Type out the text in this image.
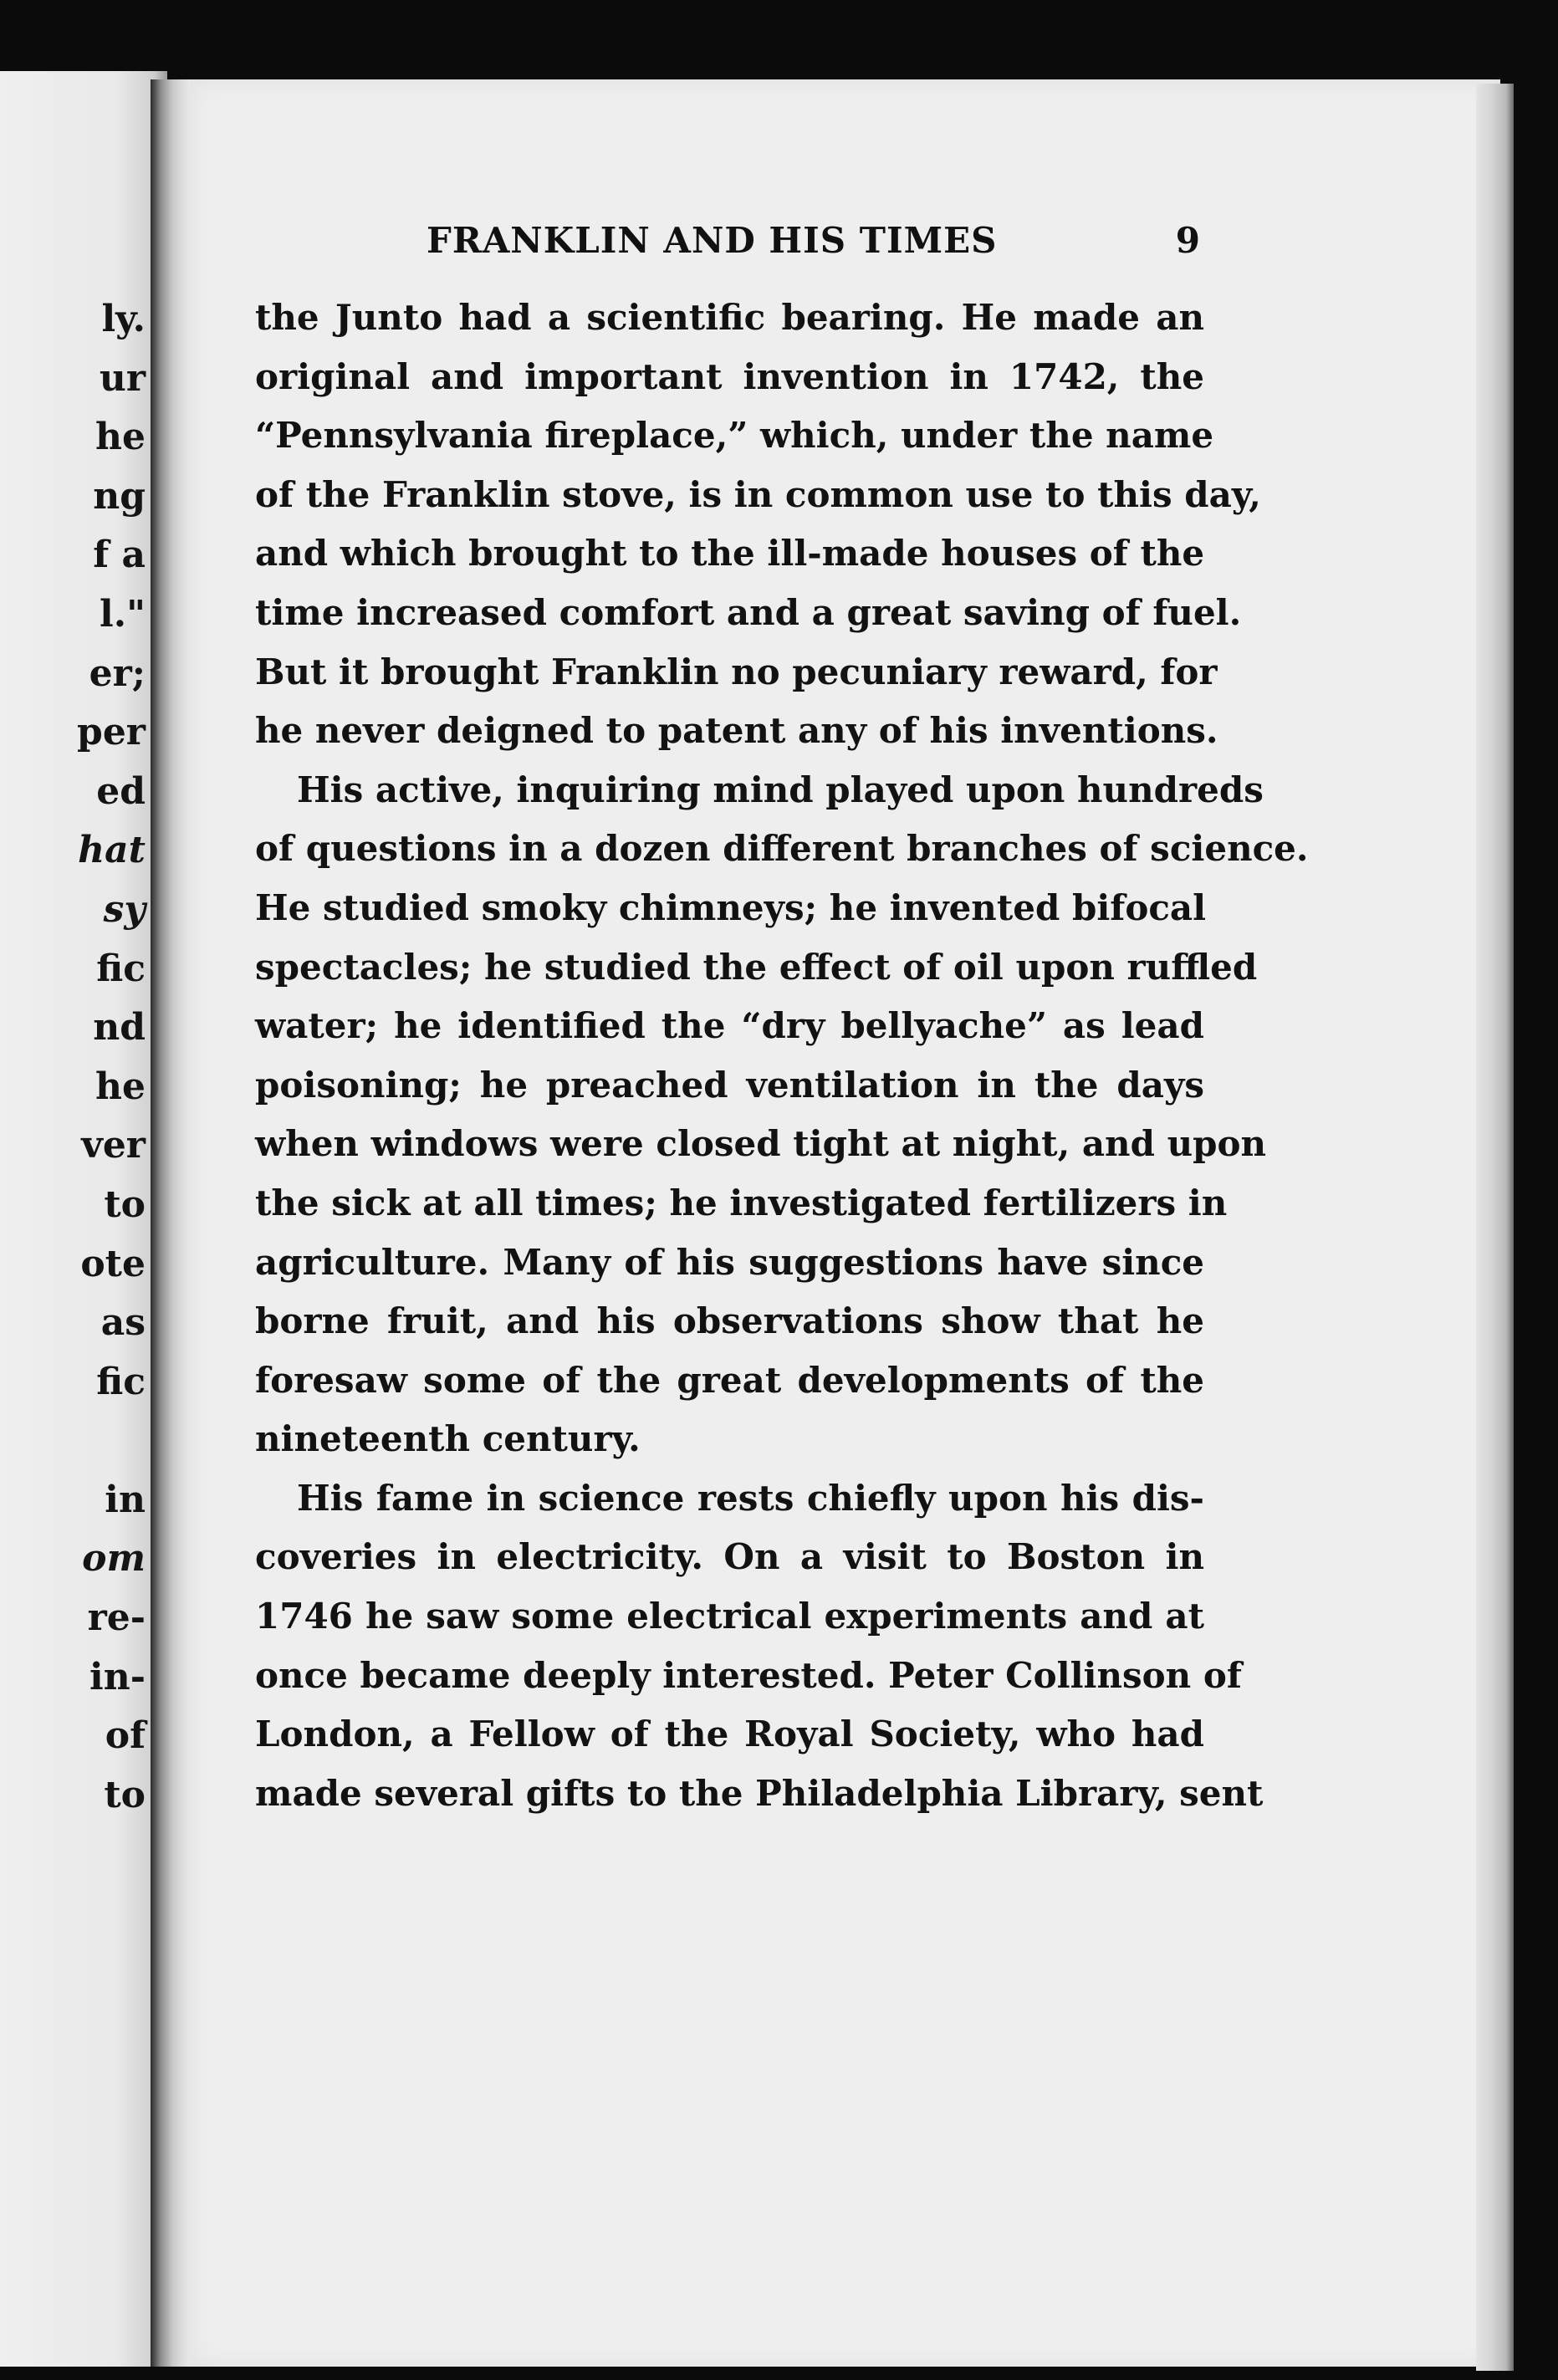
ly.
ur
he
ng
f a
l."
er;
per
ed
hat
sy
fic
nd
he
ver
to
ote
as
fic
in
om
re-
in-
of
to
FRANKLIN AND HIS TIMES	9
the Junto had a scientific bearing. He made an
original and important invention in 1742, the
“Pennsylvania fireplace,” which, under the name
of the Franklin stove, is in common use to this day,
and which brought to the ill-made houses of the
time increased comfort and a great saving of fuel.
But it brought Franklin no pecuniary reward, for
he never deigned to patent any of his inventions.
His active, inquiring mind played upon hundreds
of questions in a dozen different branches of science.
He studied smoky chimneys; he invented bifocal
spectacles; he studied the effect of oil upon ruffled
water; he identified the “dry bellyache” as lead
poisoning; he preached ventilation in the days
when windows were closed tight at night, and upon
the sick at all times; he investigated fertilizers in
agriculture. Many of his suggestions have since
borne fruit, and his observations show that he
foresaw some of the great developments of the
nineteenth century.
His fame in science rests chiefly upon his dis-
coveries in electricity. On a visit to Boston in
1746 he saw some electrical experiments and at
once became deeply interested. Peter Collinson of
London, a Fellow of the Royal Society, who had
made several gifts to the Philadelphia Library, sent
